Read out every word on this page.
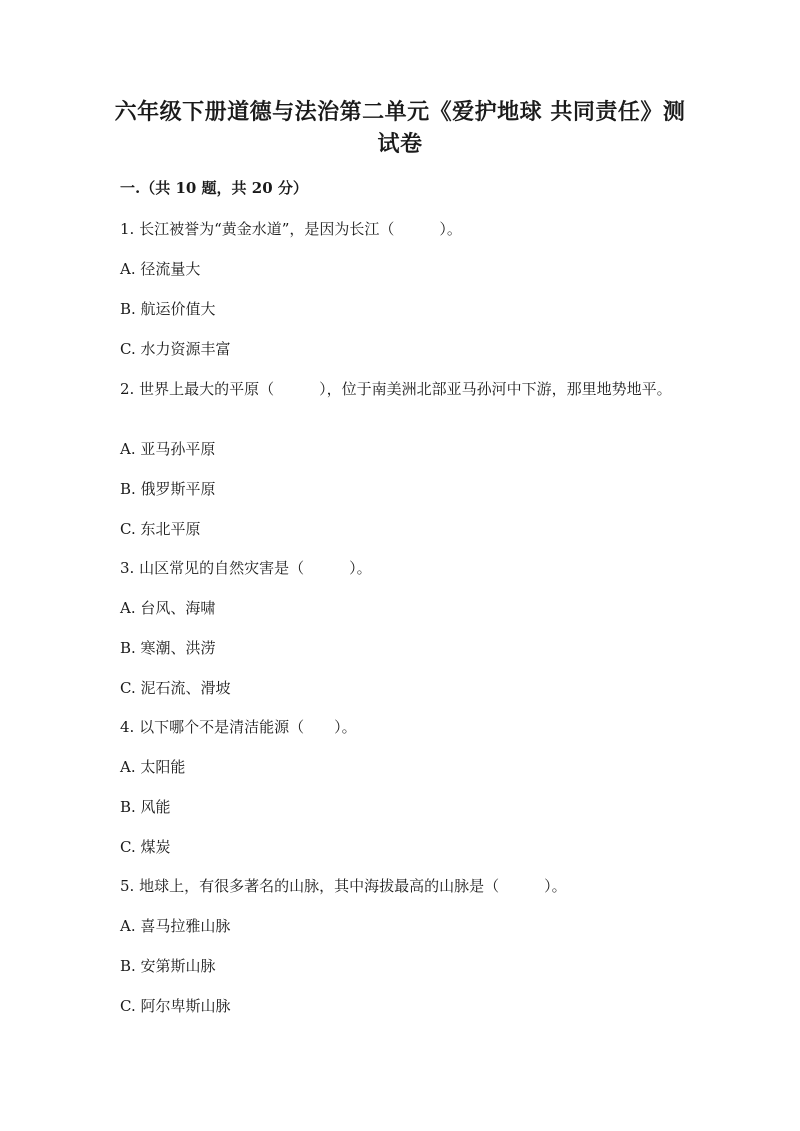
六年级下册道德与法治第二单元《爱护地球 共同责任》测试卷

一.（共 10 题，共 20 分）

1. 长江被誉为“黄金水道”，是因为长江（　　　）。

A. 径流量大

B. 航运价值大

C. 水力资源丰富

2. 世界上最大的平原（　　　），位于南美洲北部亚马孙河中下游，那里地势地平。

A. 亚马孙平原

B. 俄罗斯平原

C. 东北平原

3. 山区常见的自然灾害是（　　　）。

A. 台风、海啸

B. 寒潮、洪涝

C. 泥石流、滑坡

4. 以下哪个不是清洁能源（　　）。

A. 太阳能

B. 风能

C. 煤炭

5. 地球上，有很多著名的山脉，其中海拔最高的山脉是（　　　）。

A. 喜马拉雅山脉

B. 安第斯山脉

C. 阿尔卑斯山脉
